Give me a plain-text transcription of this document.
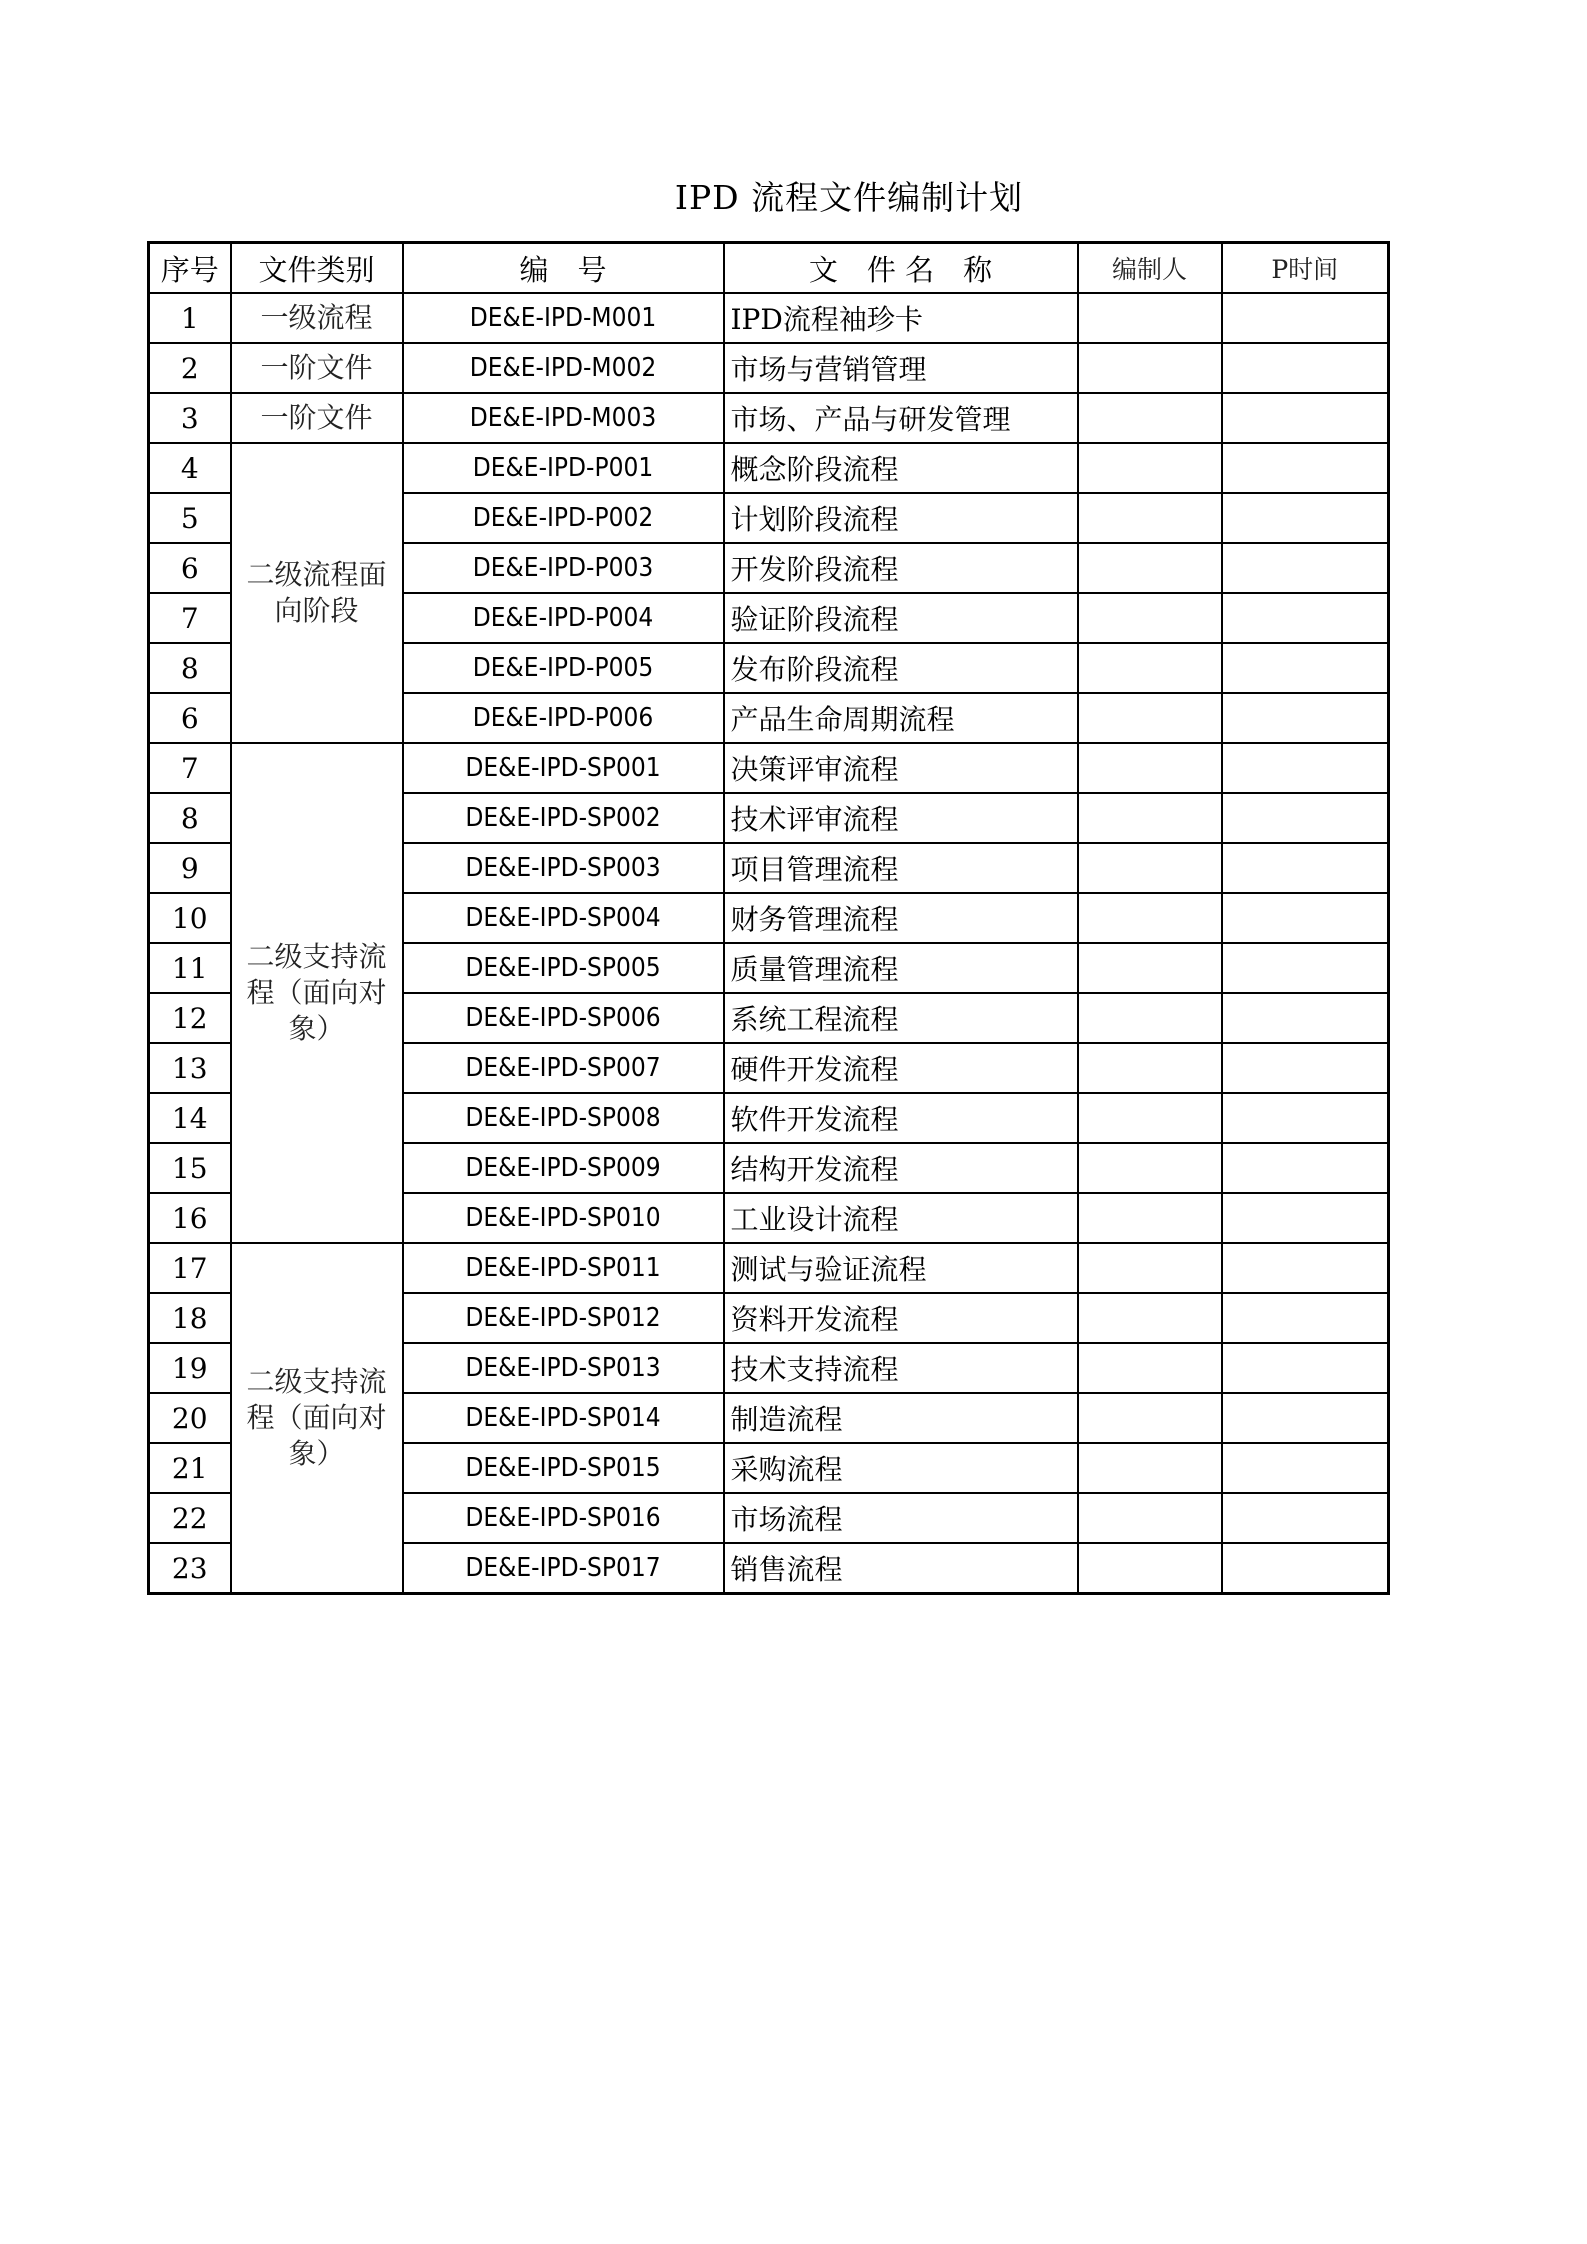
IPD 流程文件编制计划
序号	文件类别	编　号	文　件 名　称	编制人	P时间
1	一级流程	DE&E-IPD-M001	IPD流程袖珍卡		
2	一阶文件	DE&E-IPD-M002	市场与营销管理		
3	一阶文件	DE&E-IPD-M003	市场、产品与研发管理		
4	二级流程面向阶段	DE&E-IPD-P001	概念阶段流程		
5		DE&E-IPD-P002	计划阶段流程		
6		DE&E-IPD-P003	开发阶段流程		
7		DE&E-IPD-P004	验证阶段流程		
8		DE&E-IPD-P005	发布阶段流程		
6		DE&E-IPD-P006	产品生命周期流程		
7	二级支持流程（面向对象）	DE&E-IPD-SP001	决策评审流程		
8		DE&E-IPD-SP002	技术评审流程		
9		DE&E-IPD-SP003	项目管理流程		
10		DE&E-IPD-SP004	财务管理流程		
11		DE&E-IPD-SP005	质量管理流程		
12		DE&E-IPD-SP006	系统工程流程		
13		DE&E-IPD-SP007	硬件开发流程		
14		DE&E-IPD-SP008	软件开发流程		
15		DE&E-IPD-SP009	结构开发流程		
16		DE&E-IPD-SP010	工业设计流程		
17	二级支持流程（面向对象）	DE&E-IPD-SP011	测试与验证流程		
18		DE&E-IPD-SP012	资料开发流程		
19		DE&E-IPD-SP013	技术支持流程		
20		DE&E-IPD-SP014	制造流程		
21		DE&E-IPD-SP015	采购流程		
22		DE&E-IPD-SP016	市场流程		
23		DE&E-IPD-SP017	销售流程		
